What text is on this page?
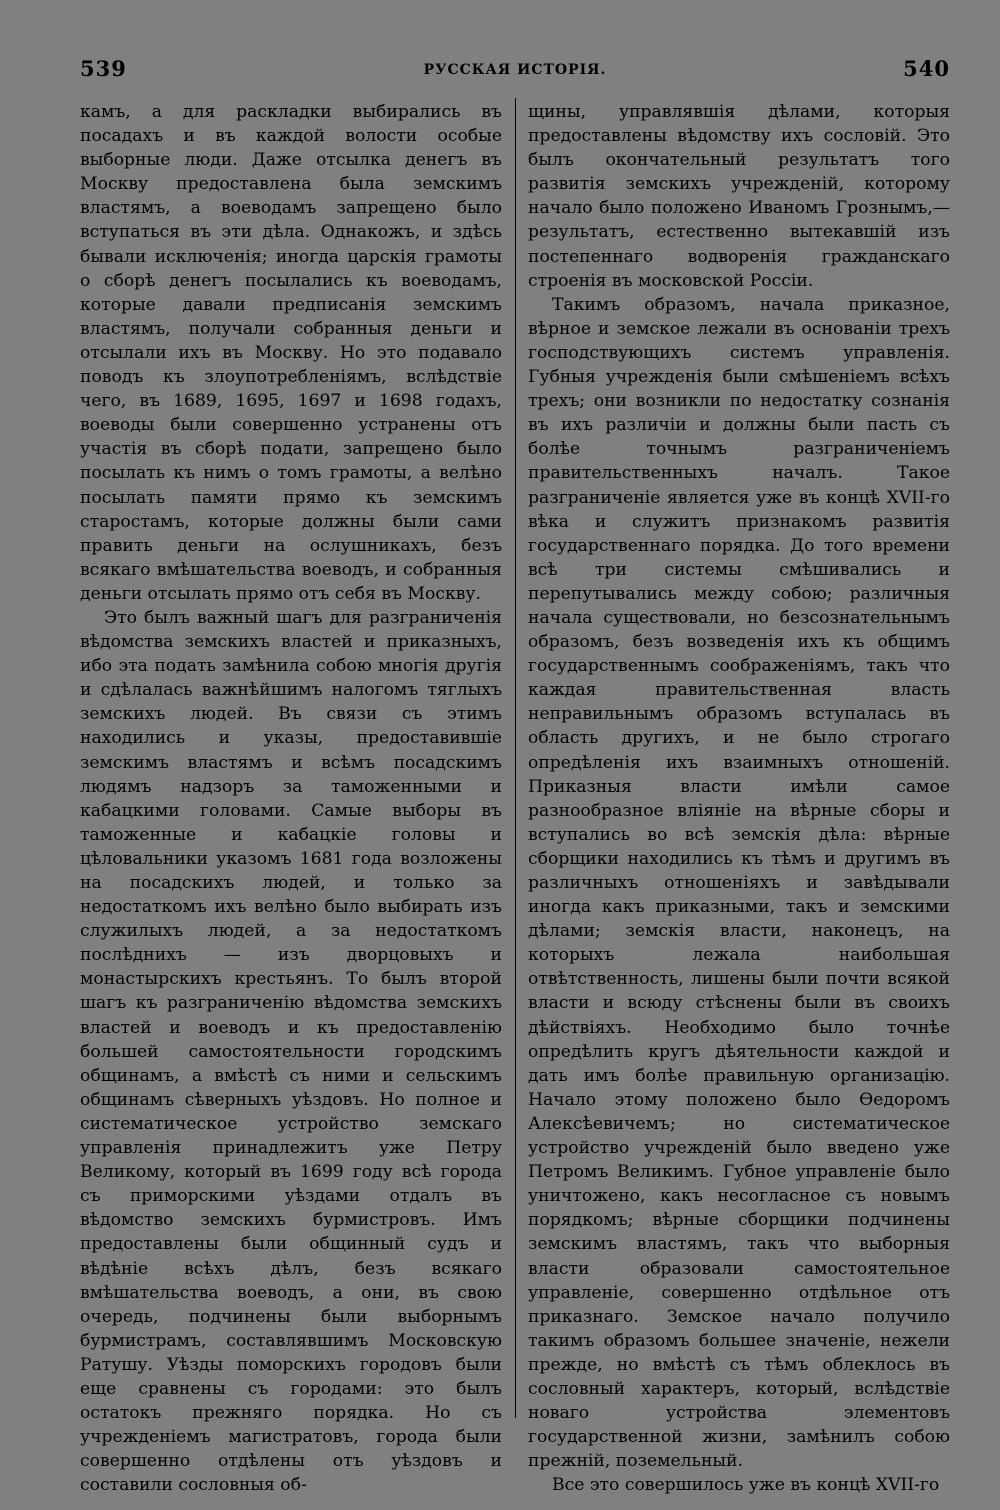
539	РУССКАЯ ИСТОРІЯ.	540

камъ, а для раскладки выбирались въ посадахъ и въ каждой волости особые выборные люди. Даже отсылка денегъ въ Москву предоставлена была земскимъ властямъ, а воеводамъ запрещено было вступаться въ эти дѣла. Однакожъ, и здѣсь бывали исключенія; иногда царскія грамоты о сборѣ денегъ посылались къ воеводамъ, которые давали предписанія земскимъ властямъ, получали собранныя деньги и отсылали ихъ въ Москву. Но это подавало поводъ къ злоупотребленіямъ, вслѣдствіе чего, въ 1689, 1695, 1697 и 1698 годахъ, воеводы были совершенно устранены отъ участія въ сборѣ подати, запрещено было посылать къ нимъ о томъ грамоты, а велѣно посылать памяти прямо къ земскимъ старостамъ, которые должны были сами править деньги на ослушникахъ, безъ всякаго вмѣшательства воеводъ, и собранныя деньги отсылать прямо отъ себя въ Москву.

Это былъ важный шагъ для разграниченія вѣдомства земскихъ властей и приказныхъ, ибо эта подать замѣнила собою многія другія и сдѣлалась важнѣйшимъ налогомъ тяглыхъ земскихъ людей. Въ связи съ этимъ находились и указы, предоставившіе земскимъ властямъ и всѣмъ посадскимъ людямъ надзоръ за таможенными и кабацкими головами. Самые выборы въ таможенные и кабацкіе головы и цѣловальники указомъ 1681 года возложены на посадскихъ людей, и только за недостаткомъ ихъ велѣно было выбирать изъ служилыхъ людей, а за недостаткомъ послѣднихъ — изъ дворцовыхъ и монастырскихъ крестьянъ. То былъ второй шагъ къ разграниченію вѣдомства земскихъ властей и воеводъ и къ предоставленію большей самостоятельности городскимъ общинамъ, а вмѣстѣ съ ними и сельскимъ общинамъ сѣверныхъ уѣздовъ. Но полное и систематическое устройство земскаго управленія принадлежитъ уже Петру Великому, который въ 1699 году всѣ города съ приморскими уѣздами отдалъ въ вѣдомство земскихъ бурмистровъ. Имъ предоставлены были общинный судъ и вѣдѣніе всѣхъ дѣлъ, безъ всякаго вмѣшательства воеводъ, а они, въ свою очередь, подчинены были выборнымъ бурмистрамъ, составлявшимъ Московскую Ратушу. Уѣзды поморскихъ городовъ были еще сравнены съ городами: это былъ остатокъ прежняго порядка. Но съ учрежденіемъ магистратовъ, города были совершенно отдѣлены отъ уѣздовъ и составили сословныя об-

щины, управлявшія дѣлами, которыя предоставлены вѣдомству ихъ сословій. Это былъ окончательный результатъ того развитія земскихъ учрежденій, которому начало было положено Иваномъ Грознымъ,—результатъ, естественно вытекавшій изъ постепеннаго водворенія гражданскаго строенія въ московской Россіи.

Такимъ образомъ, начала приказное, вѣрное и земское лежали въ основаніи трехъ господствующихъ системъ управленія. Губныя учрежденія были смѣшеніемъ всѣхъ трехъ; они возникли по недостатку сознанія въ ихъ различіи и должны были пасть съ болѣе точнымъ разграниченіемъ правительственныхъ началъ. Такое разграниченіе является уже въ концѣ XVII-го вѣка и служитъ признакомъ развитія государственнаго порядка. До того времени всѣ три системы смѣшивались и перепутывались между собою; различныя начала существовали, но безсознательнымъ образомъ, безъ возведенія ихъ къ общимъ государственнымъ соображеніямъ, такъ что каждая правительственная власть неправильнымъ образомъ вступалась въ область другихъ, и не было строгаго опредѣленія ихъ взаимныхъ отношеній. Приказныя власти имѣли самое разнообразное вліяніе на вѣрные сборы и вступались во всѣ земскія дѣла: вѣрные сборщики находились къ тѣмъ и другимъ въ различныхъ отношеніяхъ и завѣдывали иногда какъ приказными, такъ и земскими дѣлами; земскія власти, наконецъ, на которыхъ лежала наибольшая отвѣтственность, лишены были почти всякой власти и всюду стѣснены были въ своихъ дѣйствіяхъ. Необходимо было точнѣе опредѣлить кругъ дѣятельности каждой и дать имъ болѣе правильную организацію. Начало этому положено было Ѳедоромъ Алексѣевичемъ; но систематическое устройство учрежденій было введено уже Петромъ Великимъ. Губное управленіе было уничтожено, какъ несогласное съ новымъ порядкомъ; вѣрные сборщики подчинены земскимъ властямъ, такъ что выборныя власти образовали самостоятельное управленіе, совершенно отдѣльное отъ приказнаго. Земское начало получило такимъ образомъ большее значеніе, нежели прежде, но вмѣстѣ съ тѣмъ облеклось въ сословный характеръ, который, вслѣдствіе новаго устройства элементовъ государственной жизни, замѣнилъ собою прежній, поземельный.

Все это совершилось уже въ концѣ XVII-го
